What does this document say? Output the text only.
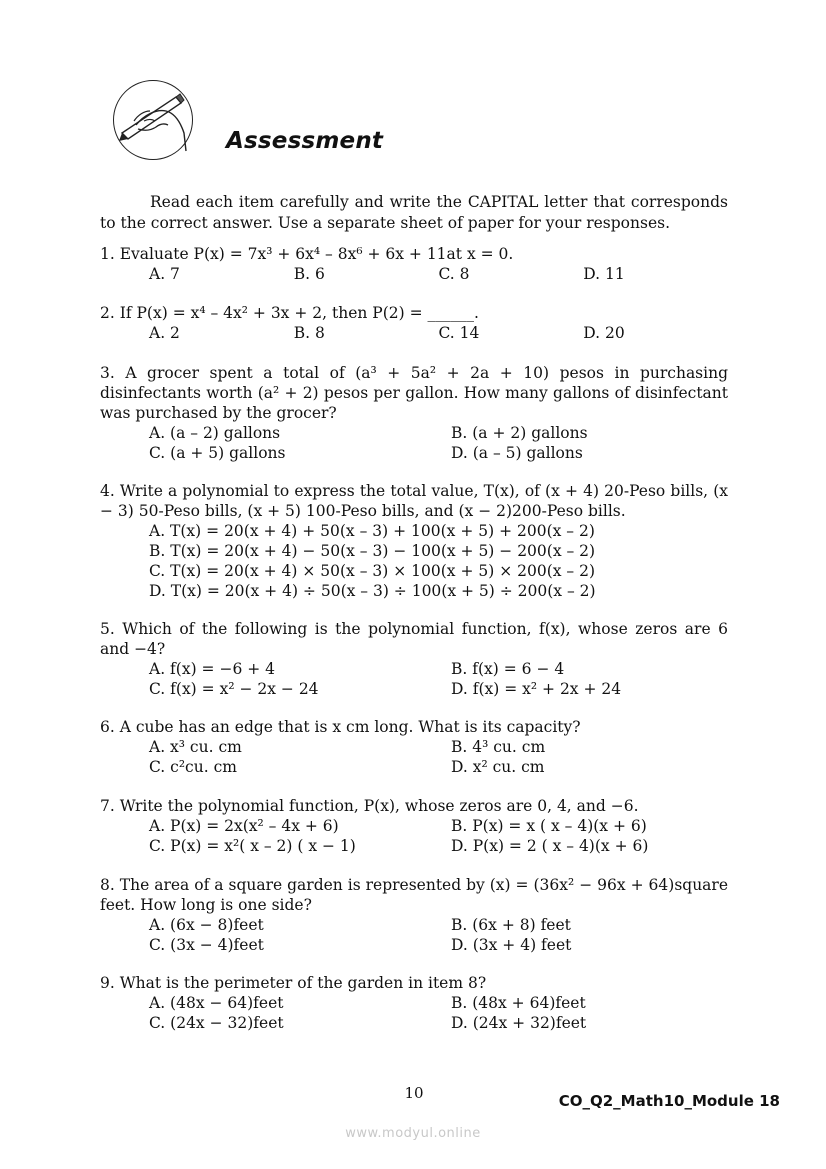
Assessment
Read each item carefully and write the CAPITAL letter that corresponds to the correct answer. Use a separate sheet of paper for your responses.
1. Evaluate P(x) = 7x³ + 6x⁴ – 8x⁶ + 6x + 11at x = 0.
A. 7	B. 6	C. 8	D. 11
2. If P(x) = x⁴ – 4x² + 3x + 2, then P(2) = ______.
A. 2	B. 8	C. 14	D. 20
3. A grocer spent a total of (a³ + 5a² + 2a + 10) pesos in purchasing disinfectants worth (a² + 2) pesos per gallon. How many gallons of disinfectant was purchased by the grocer?
A. (a – 2) gallons	B. (a + 2) gallons
C. (a + 5) gallons	D. (a – 5) gallons
4. Write a polynomial to express the total value, T(x), of (x + 4) 20-Peso bills, (x − 3) 50-Peso bills, (x + 5) 100-Peso bills, and (x − 2)200-Peso bills.
A. T(x) = 20(x + 4) + 50(x – 3) + 100(x + 5) + 200(x – 2)
B. T(x) = 20(x + 4) − 50(x – 3) − 100(x + 5) − 200(x – 2)
C. T(x) = 20(x + 4) × 50(x – 3) × 100(x + 5) × 200(x – 2)
D. T(x) = 20(x + 4) ÷ 50(x – 3) ÷ 100(x + 5) ÷ 200(x – 2)
5. Which of the following is the polynomial function, f(x), whose zeros are 6 and −4?
A. f(x) = −6 + 4	B. f(x) = 6 − 4
C. f(x) = x² − 2x − 24	D. f(x) = x² + 2x + 24
6. A cube has an edge that is x cm long. What is its capacity?
A. x³ cu. cm	B. 4³ cu. cm
C. c²cu. cm	D. x² cu. cm
7. Write the polynomial function, P(x), whose zeros are 0, 4, and −6.
A. P(x) = 2x(x² – 4x + 6)	B. P(x) = x ( x – 4)(x + 6)
C. P(x) = x²( x – 2) ( x − 1)	D. P(x) = 2 ( x – 4)(x + 6)
8. The area of a square garden is represented by (x) = (36x² − 96x + 64)square feet. How long is one side?
A. (6x − 8)feet	B. (6x + 8) feet
C. (3x − 4)feet	D. (3x + 4) feet
9. What is the perimeter of the garden in item 8?
A. (48x − 64)feet	B. (48x + 64)feet
C. (24x − 32)feet	D. (24x + 32)feet
10	CO_Q2_Math10_Module 18
www.modyul.online
